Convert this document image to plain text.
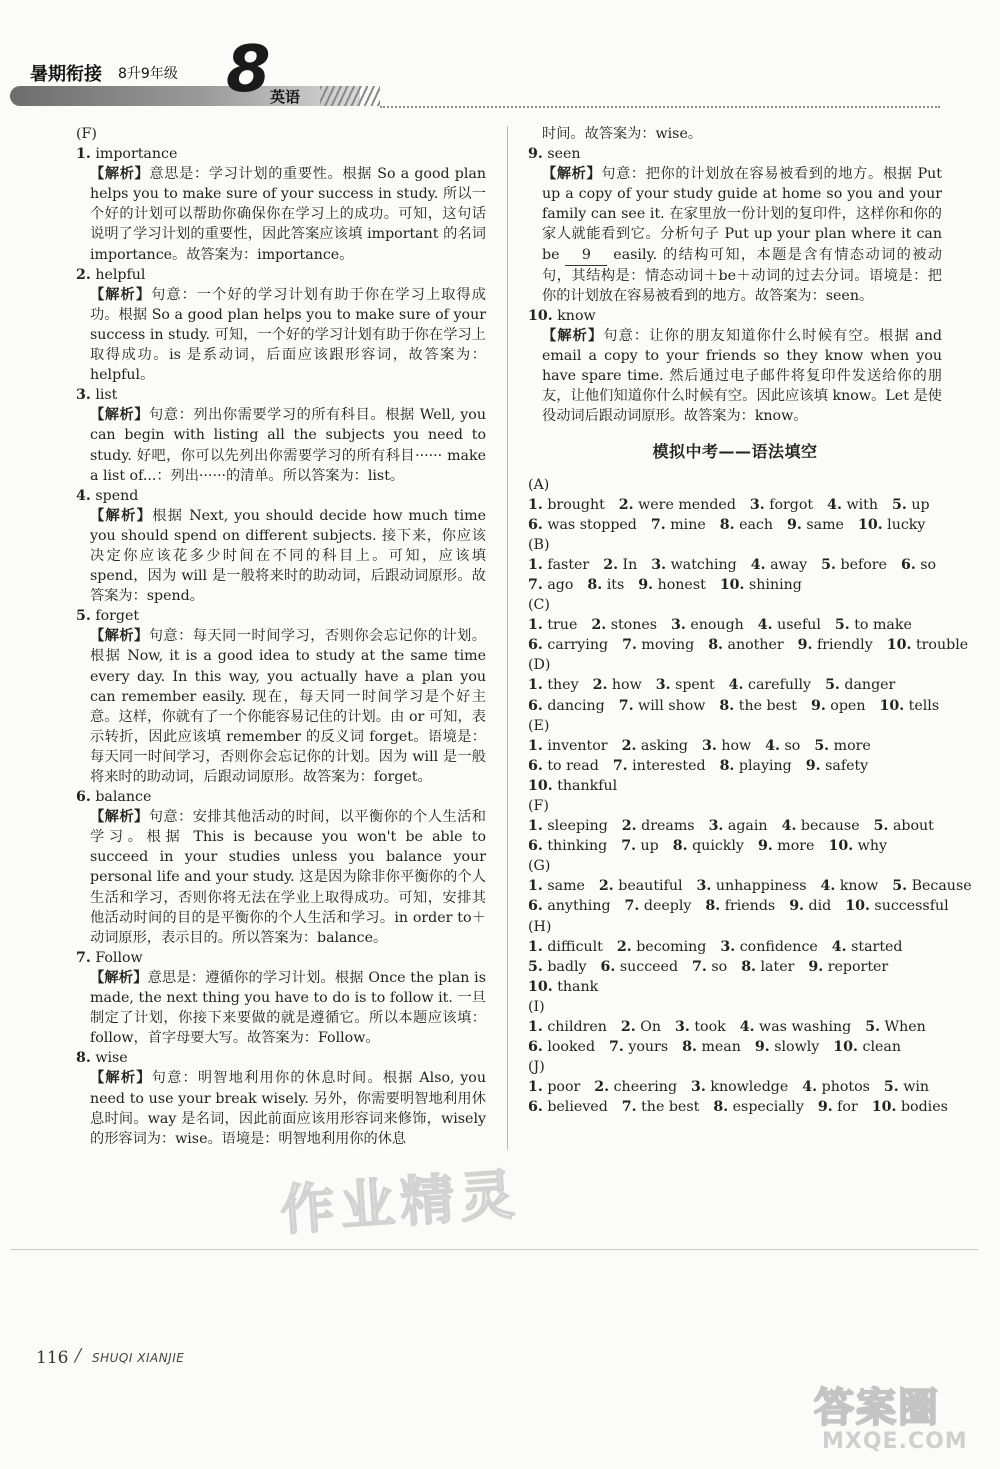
暑期衔接 8升9年级 8 英语

(F)

1. importance

【解析】意思是：学习计划的重要性。根据 So a good plan helps you to make sure of your success in study. 所以一个好的计划可以帮助你确保你在学习上的成功。可知，这句话说明了学习计划的重要性，因此答案应该填 important 的名词 importance。故答案为：importance。

2. helpful

【解析】句意：一个好的学习计划有助于你在学习上取得成功。根据 So a good plan helps you to make sure of your success in study. 可知，一个好的学习计划有助于你在学习上取得成功。is 是系动词，后面应该跟形容词，故答案为：helpful。

3. list

【解析】句意：列出你需要学习的所有科目。根据 Well, you can begin with listing all the subjects you need to study. 好吧，你可以先列出你需要学习的所有科目······ make a list of...：列出······的清单。所以答案为：list。

4. spend

【解析】根据 Next, you should decide how much time you should spend on different subjects. 接下来，你应该决定你应该花多少时间在不同的科目上。可知，应该填 spend，因为 will 是一般将来时的助动词，后跟动词原形。故答案为：spend。

5. forget

【解析】句意：每天同一时间学习，否则你会忘记你的计划。根据 Now, it is a good idea to study at the same time every day. In this way, you actually have a plan you can remember easily. 现在，每天同一时间学习是个好主意。这样，你就有了一个你能容易记住的计划。由 or 可知，表示转折，因此应该填 remember 的反义词 forget。语境是：每天同一时间学习，否则你会忘记你的计划。因为 will 是一般将来时的助动词，后跟动词原形。故答案为：forget。

6. balance

【解析】句意：安排其他活动的时间，以平衡你的个人生活和学习。根据 This is because you won't be able to succeed in your studies unless you balance your personal life and your study. 这是因为除非你平衡你的个人生活和学习，否则你将无法在学业上取得成功。可知，安排其他活动时间的目的是平衡你的个人生活和学习。in order to＋动词原形，表示目的。所以答案为：balance。

7. Follow

【解析】意思是：遵循你的学习计划。根据 Once the plan is made, the next thing you have to do is to follow it. 一旦制定了计划，你接下来要做的就是遵循它。所以本题应该填：follow，首字母要大写。故答案为：Follow。

8. wise

【解析】句意：明智地利用你的休息时间。根据 Also, you need to use your break wisely. 另外，你需要明智地利用休息时间。way 是名词，因此前面应该用形容词来修饰，wisely 的形容词为：wise。语境是：明智地利用你的休息

时间。故答案为：wise。

9. seen

【解析】句意：把你的计划放在容易被看到的地方。根据 Put up a copy of your study guide at home so you and your family can see it. 在家里放一份计划的复印件，这样你和你的家人就能看到它。分析句子 Put up your plan where it can be 9 easily. 的结构可知，本题是含有情态动词的被动句，其结构是：情态动词＋be＋动词的过去分词。语境是：把你的计划放在容易被看到的地方。故答案为：seen。

10. know

【解析】句意：让你的朋友知道你什么时候有空。根据 and email a copy to your friends so they know when you have spare time. 然后通过电子邮件将复印件发送给你的朋友，让他们知道你什么时候有空。因此应该填 know。Let 是使役动词后跟动词原形。故答案为：know。

模拟中考——语法填空

(A)

1. brought 2. were mended 3. forgot 4. with 5. up

6. was stopped 7. mine 8. each 9. same 10. lucky

(B)

1. faster 2. In 3. watching 4. away 5. before 6. so

7. ago 8. its 9. honest 10. shining

(C)

1. true 2. stones 3. enough 4. useful 5. to make

6. carrying 7. moving 8. another 9. friendly 10. trouble

(D)

1. they 2. how 3. spent 4. carefully 5. danger

6. dancing 7. will show 8. the best 9. open 10. tells

(E)

1. inventor 2. asking 3. how 4. so 5. more

6. to read 7. interested 8. playing 9. safety

10. thankful

(F)

1. sleeping 2. dreams 3. again 4. because 5. about

6. thinking 7. up 8. quickly 9. more 10. why

(G)

1. same 2. beautiful 3. unhappiness 4. know 5. Because

6. anything 7. deeply 8. friends 9. did 10. successful

(H)

1. difficult 2. becoming 3. confidence 4. started

5. badly 6. succeed 7. so 8. later 9. reporter

10. thank

(I)

1. children 2. On 3. took 4. was washing 5. When

6. looked 7. yours 8. mean 9. slowly 10. clean

(J)

1. poor 2. cheering 3. knowledge 4. photos 5. win

6. believed 7. the best 8. especially 9. for 10. bodies

作业精灵
答案圈
MXQE.COM
116 / SHUQI XIANJIE
